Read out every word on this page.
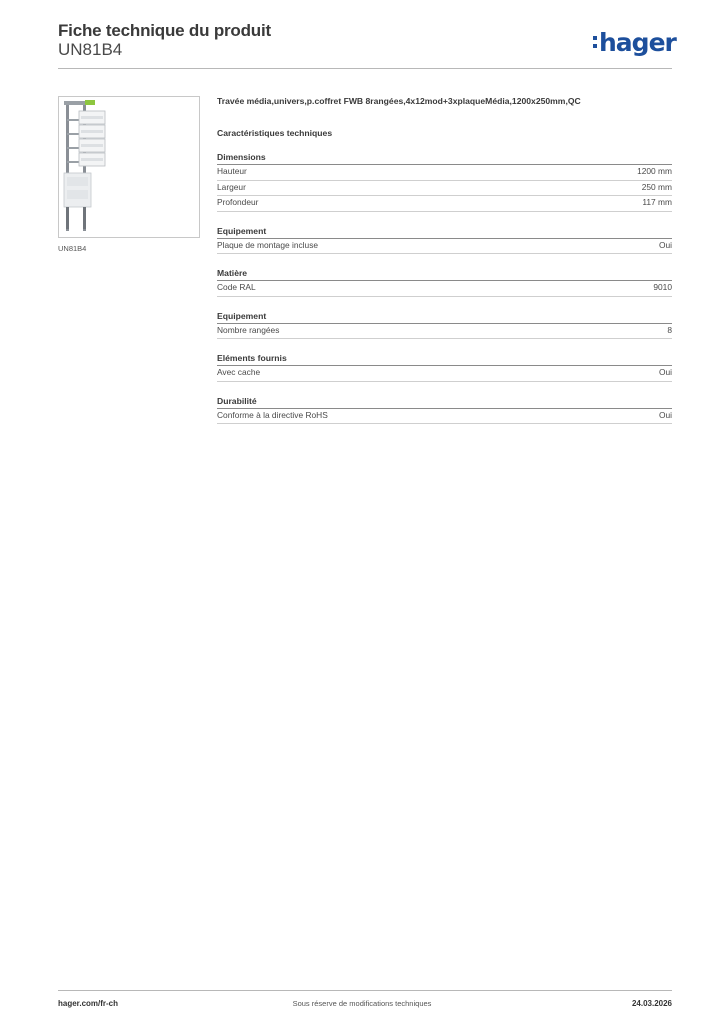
Fiche technique du produit
UN81B4	hager
UN81B4

Travée média,univers,p.coffret FWB 8rangées,4x12mod+3xplaqueMédia,1200x250mm,QC

Caractéristiques techniques

Dimensions

Hauteur	1200 mm
Largeur	250 mm
Profondeur	117 mm

Equipement

Plaque de montage incluse	Oui

Matière

Code RAL	9010

Equipement

Nombre rangées	8

Eléments fournis

Avec cache	Oui

Durabilité

Conforme à la directive RoHS	Oui
hager.com/fr-ch	Sous réserve de modifications techniques	24.03.2026
